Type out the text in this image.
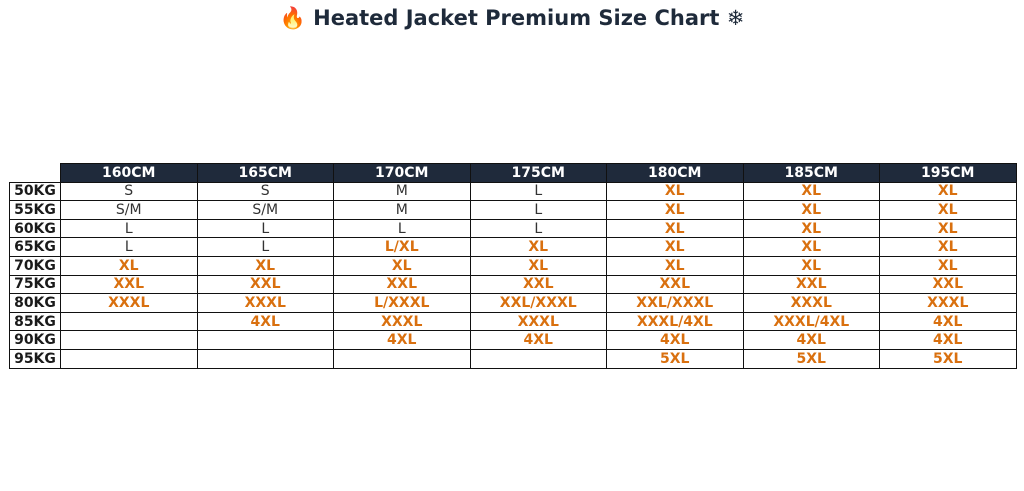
🔥 Heated Jacket Premium Size Chart ❄
	160CM	165CM	170CM	175CM	180CM	185CM	195CM
50KG	S	S	M	L	XL	XL	XL
55KG	S/M	S/M	M	L	XL	XL	XL
60KG	L	L	L	L	XL	XL	XL
65KG	L	L	L/XL	XL	XL	XL	XL
70KG	XL	XL	XL	XL	XL	XL	XL
75KG	XXL	XXL	XXL	XXL	XXL	XXL	XXL
80KG	XXXL	XXXL	L/XXXL	XXL/XXXL	XXL/XXXL	XXXL	XXXL
85KG		4XL	XXXL	XXXL	XXXL/4XL	XXXL/4XL	4XL
90KG			4XL	4XL	4XL	4XL	4XL
95KG					5XL	5XL	5XL
